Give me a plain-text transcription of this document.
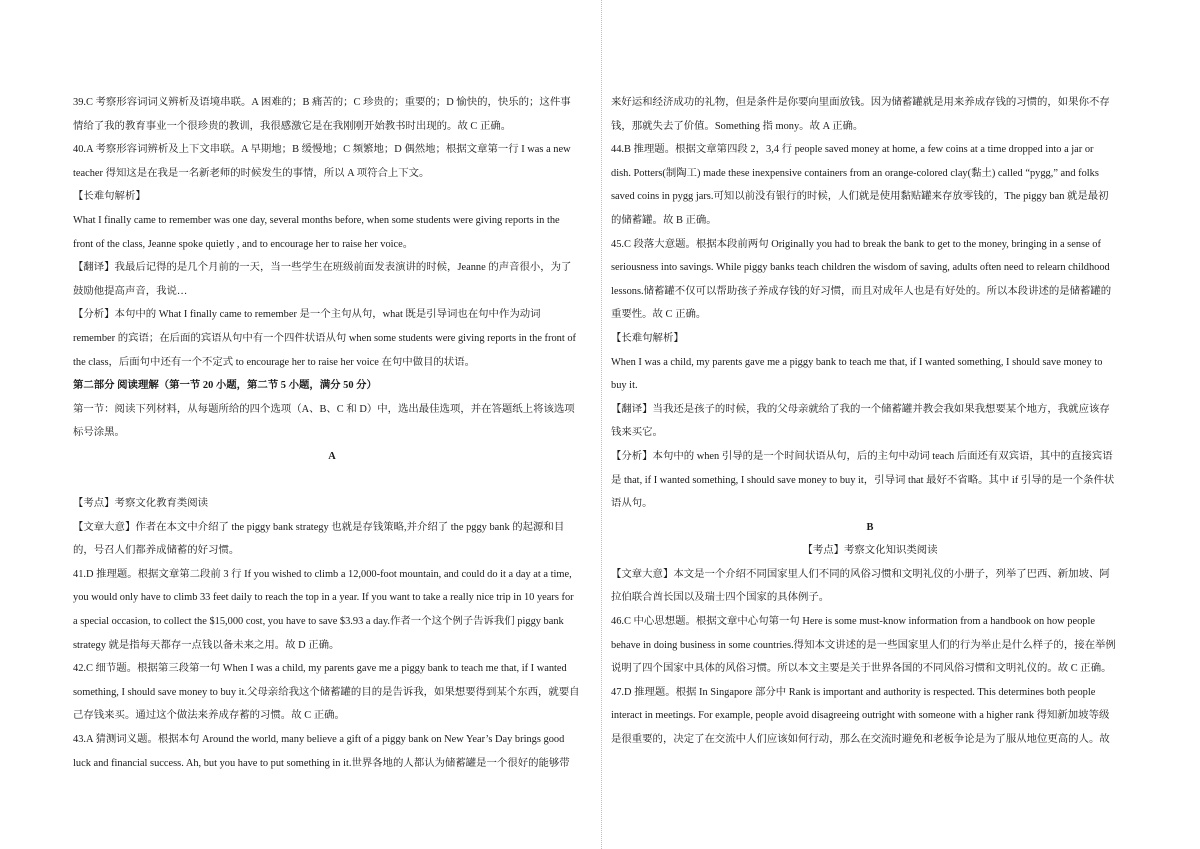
39.C 考察形容词词义辨析及语境串联。A 困难的；B 痛苦的；C 珍贵的；重要的；D 愉快的，快乐的；这件事
情给了我的教育事业一个很珍贵的教训，我很感激它是在我刚刚开始教书时出现的。故 C 正确。
40.A 考察形容词辨析及上下文串联。A 早期地；B 缓慢地；C 频繁地；D 偶然地；根据文章第一行 I was a new
teacher 得知这是在我是一名新老师的时候发生的事情，所以 A 项符合上下文。
【长难句解析】
What I finally came to remember was one day, several months before, when some students were giving reports in the
front of the class, Jeanne spoke quietly , and to encourage her to raise her voice。
【翻译】我最后记得的是几个月前的一天，当一些学生在班级前面发表演讲的时候，Jeanne 的声音很小，为了
鼓励他提高声音，我说…
【分析】本句中的 What I finally came to remember 是一个主句从句，what 既是引导词也在句中作为动词
remember 的宾语；在后面的宾语从句中有一个四件状语从句 when some students were giving reports in the front of
the class，后面句中还有一个不定式 to encourage her to raise her voice 在句中做目的状语。
第二部分 阅读理解（第一节 20 小题，第二节 5 小题，满分 50 分）
第一节：阅读下列材料，从每题所给的四个选项（A、B、C 和 D）中，选出最佳选项，并在答题纸上将该选项
标号涂黑。
A
【考点】考察文化教育类阅读
【文章大意】作者在本文中介绍了 the piggy bank strategy 也就是存钱策略,并介绍了 the pggy bank 的起源和目
的，号召人们都养成储蓄的好习惯。
41.D 推理题。根据文章第二段前 3 行 If you wished to climb a 12,000-foot mountain, and could do it a day at a time,
you would only have to climb 33 feet daily to reach the top in a year. If you want to take a really nice trip in 10 years for
a special occasion, to collect the $15,000 cost, you have to save $3.93 a day.作者一个这个例子告诉我们 piggy bank
strategy 就是指每天都存一点钱以备未来之用。故 D 正确。
42.C 细节题。根据第三段第一句 When I was a child, my parents gave me a piggy bank to teach me that, if I wanted
something, I should save money to buy it.父母亲给我这个储蓄罐的目的是告诉我，如果想要得到某个东西，就要自
己存钱来买。通过这个做法来养成存蓄的习惯。故 C 正确。
43.A 猜测词义题。根据本句 Around the world, many believe a gift of a piggy bank on New Year’s Day brings good
luck and financial success. Ah, but you have to put something in it.世界各地的人都认为储蓄罐是一个很好的能够带
来好运和经济成功的礼物，但是条件是你要向里面放钱。因为储蓄罐就是用来养成存钱的习惯的，如果你不存
钱，那就失去了价值。Something 指 mony。故 A 正确。
44.B 推理题。根据文章第四段 2，3,4 行 people saved money at home, a few coins at a time dropped into a jar or
dish. Potters(制陶工) made these inexpensive containers from an orange-colored clay(黏土) called “pygg,” and folks
saved coins in pygg jars.可知以前没有银行的时候，人们就是使用黏贴罐来存放零钱的，The piggy ban 就是最初
的储蓄罐。故 B 正确。
45.C 段落大意题。根据本段前两句 Originally you had to break the bank to get to the money, bringing in a sense of
seriousness into savings. While piggy banks teach children the wisdom of saving, adults often need to relearn childhood
lessons.储蓄罐不仅可以帮助孩子养成存钱的好习惯，而且对成年人也是有好处的。所以本段讲述的是储蓄罐的
重要性。故 C 正确。
【长难句解析】
When I was a child, my parents gave me a piggy bank to teach me that, if I wanted something, I should save money to
buy it.
【翻译】当我还是孩子的时候，我的父母亲就给了我的一个储蓄罐并教会我如果我想要某个地方，我就应该存
钱来买它。
【分析】本句中的 when 引导的是一个时间状语从句，后的主句中动词 teach 后面还有双宾语，其中的直接宾语
是 that, if I wanted something, I should save money to buy it，引导词 that 最好不省略。其中 if 引导的是一个条件状
语从句。
B
【考点】考察文化知识类阅读
【文章大意】本文是一个介绍不同国家里人们不同的风俗习惯和文明礼仪的小册子，列举了巴西、新加坡、阿
拉伯联合酋长国以及瑞士四个国家的具体例子。
46.C 中心思想题。根据文章中心句第一句 Here is some must-know information from a handbook on how people
behave in doing business in some countries.得知本文讲述的是一些国家里人们的行为举止是什么样子的，接在举例
说明了四个国家中具体的风俗习惯。所以本文主要是关于世界各国的不同风俗习惯和文明礼仪的。故 C 正确。
47.D 推理题。根据 In Singapore 部分中 Rank is important and authority is respected. This determines both people
interact in meetings. For example, people avoid disagreeing outright with someone with a higher rank 得知新加坡等级
是很重要的，决定了在交流中人们应该如何行动，那么在交流时避免和老板争论是为了服从地位更高的人。故
